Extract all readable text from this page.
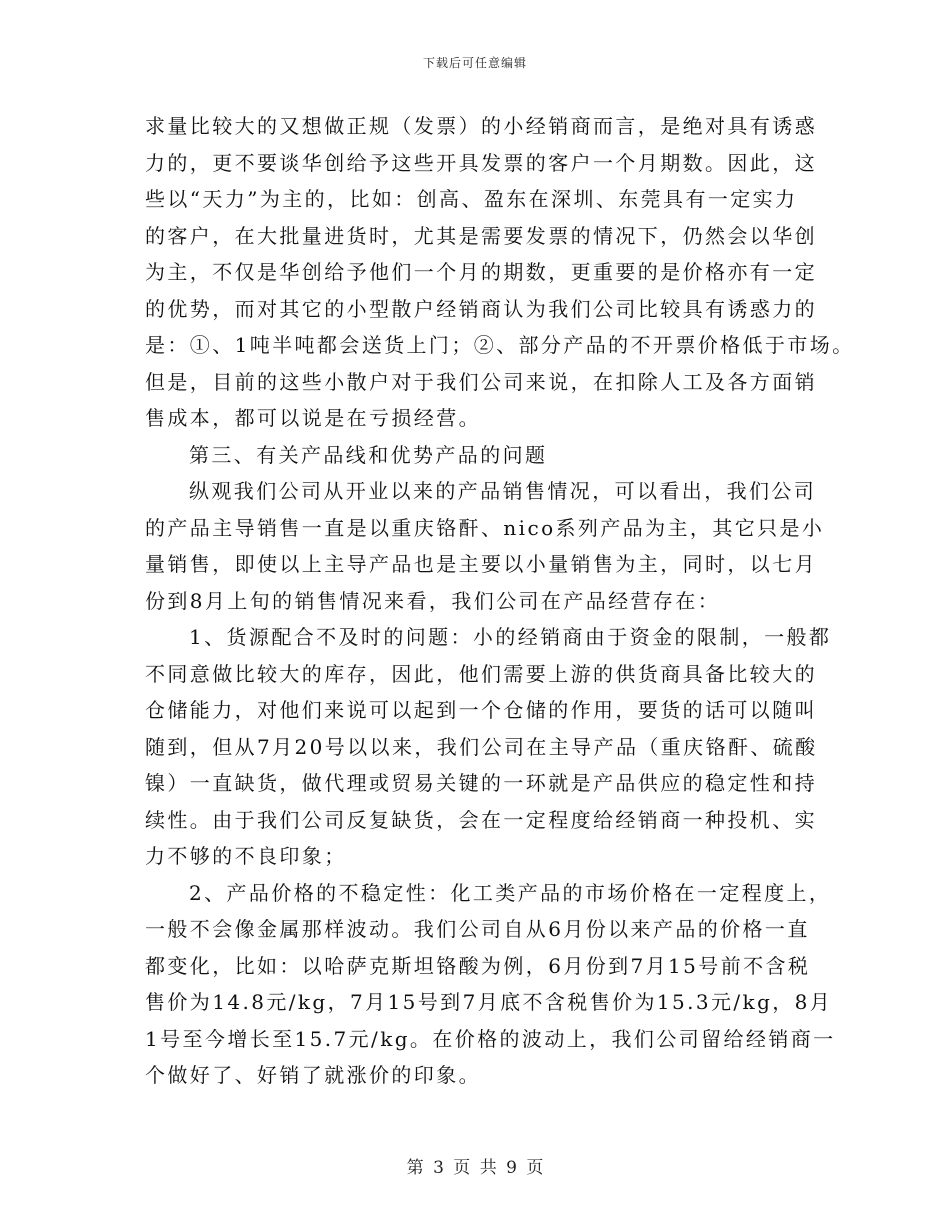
下载后可任意编辑
求量比较大的又想做正规（发票）的小经销商而言，是绝对具有诱惑
力的，更不要谈华创给予这些开具发票的客户一个月期数。因此，这
些以“天力”为主的，比如：创高、盈东在深圳、东莞具有一定实力
的客户，在大批量进货时，尤其是需要发票的情况下，仍然会以华创
为主，不仅是华创给予他们一个月的期数，更重要的是价格亦有一定
的优势，而对其它的小型散户经销商认为我们公司比较具有诱惑力的
是：①、1吨半吨都会送货上门；②、部分产品的不开票价格低于市场。
但是，目前的这些小散户对于我们公司来说，在扣除人工及各方面销
售成本，都可以说是在亏损经营。
第三、有关产品线和优势产品的问题
纵观我们公司从开业以来的产品销售情况，可以看出，我们公司
的产品主导销售一直是以重庆铬酐、nico系列产品为主，其它只是小
量销售，即使以上主导产品也是主要以小量销售为主，同时，以七月
份到8月上旬的销售情况来看，我们公司在产品经营存在：
1、货源配合不及时的问题：小的经销商由于资金的限制，一般都
不同意做比较大的库存，因此，他们需要上游的供货商具备比较大的
仓储能力，对他们来说可以起到一个仓储的作用，要货的话可以随叫
随到，但从7月20号以以来，我们公司在主导产品（重庆铬酐、硫酸
镍）一直缺货，做代理或贸易关键的一环就是产品供应的稳定性和持
续性。由于我们公司反复缺货，会在一定程度给经销商一种投机、实
力不够的不良印象；
2、产品价格的不稳定性：化工类产品的市场价格在一定程度上，
一般不会像金属那样波动。我们公司自从6月份以来产品的价格一直
都变化，比如：以哈萨克斯坦铬酸为例，6月份到7月15号前不含税
售价为14.8元/kg，7月15号到7月底不含税售价为15.3元/kg，8月
1号至今增长至15.7元/kg。在价格的波动上，我们公司留给经销商一
个做好了、好销了就涨价的印象。
第 3 页 共 9 页
